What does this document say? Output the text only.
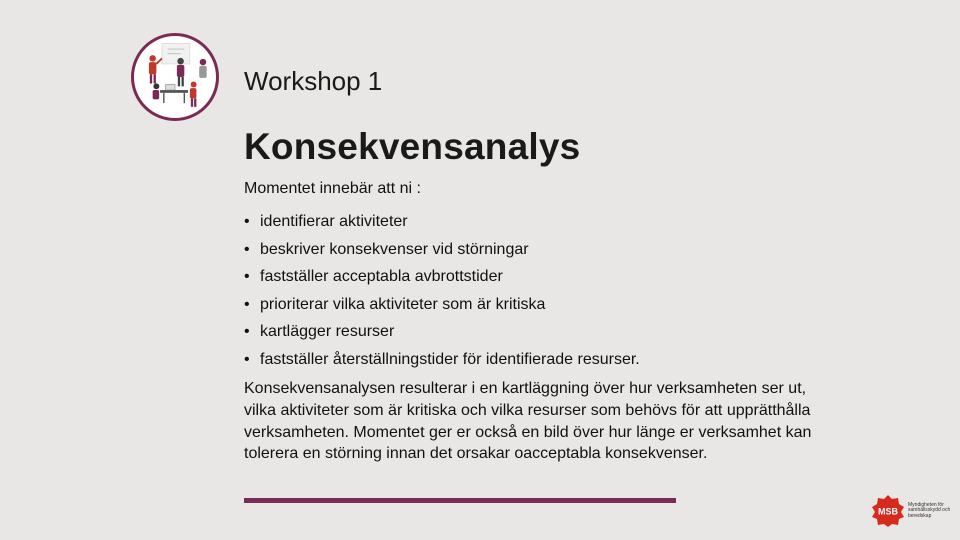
Workshop 1
Konsekvensanalys
Momentet innebär att ni :
• identifierar aktiviteter
• beskriver konsekvenser vid störningar
• fastställer acceptabla avbrottstider
• prioriterar vilka aktiviteter som är kritiska
• kartlägger resurser
• fastställer återställningstider för identifierade resurser.
Konsekvensanalysen resulterar i en kartläggning över hur verksamheten ser ut, vilka aktiviteter som är kritiska och vilka resurser som behövs för att upprätthålla verksamheten. Momentet ger er också en bild över hur länge er verksamhet kan tolerera en störning innan det orsakar oacceptabla konsekvenser.
MSB
Myndigheten för samhällsskydd och beredskap
